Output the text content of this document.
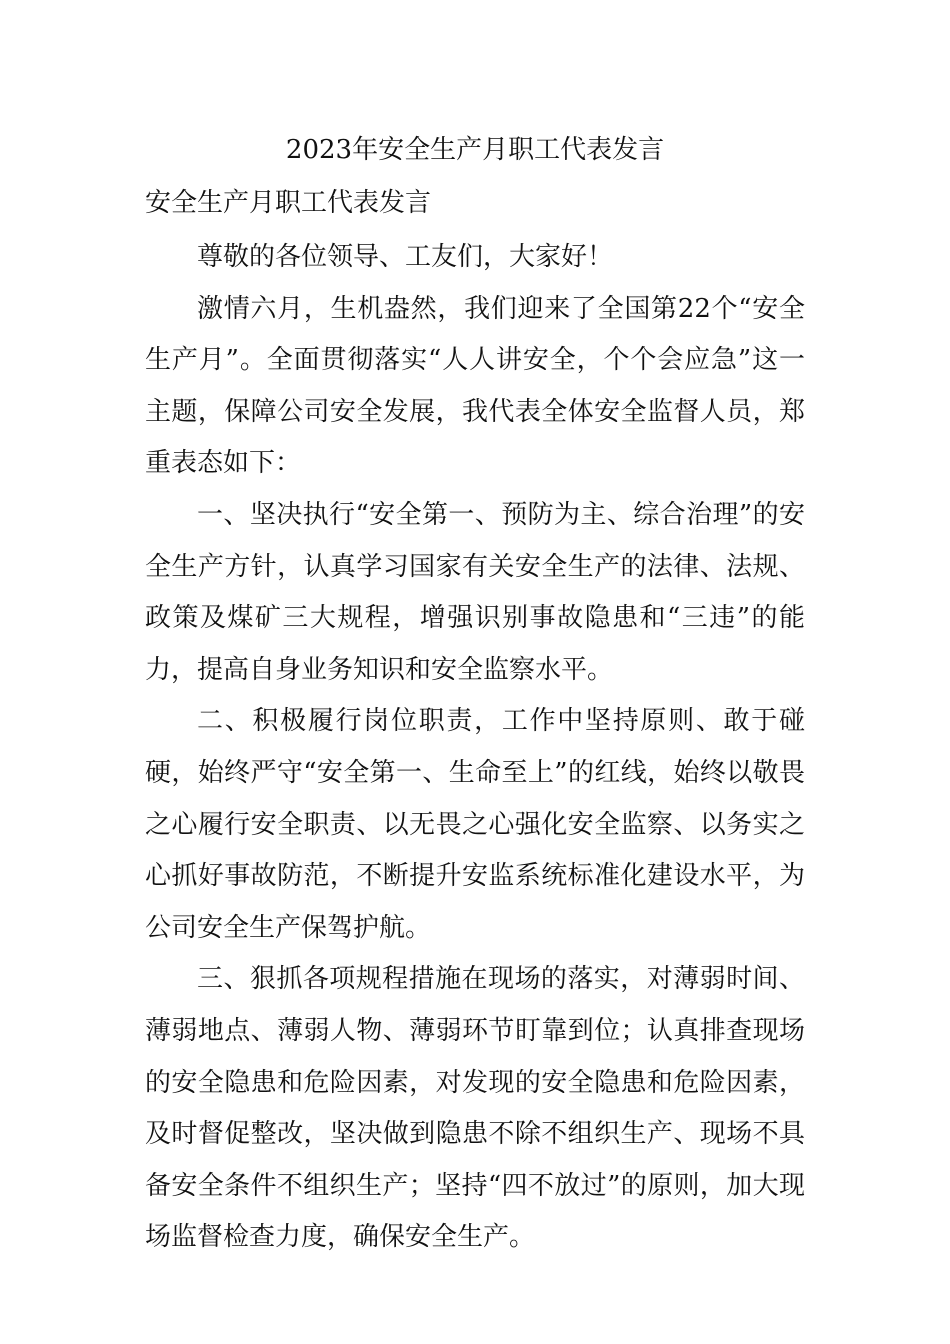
2023年安全生产月职工代表发言
安全生产月职工代表发言

尊敬的各位领导、工友们，大家好！

激情六月，生机盎然，我们迎来了全国第22个“安全生产月”。全面贯彻落实“人人讲安全，个个会应急”这一主题，保障公司安全发展，我代表全体安全监督人员，郑重表态如下：

一、坚决执行“安全第一、预防为主、综合治理”的安全生产方针，认真学习国家有关安全生产的法律、法规、政策及煤矿三大规程，增强识别事故隐患和“三违”的能力，提高自身业务知识和安全监察水平。

二、积极履行岗位职责，工作中坚持原则、敢于碰硬，始终严守“安全第一、生命至上”的红线，始终以敬畏之心履行安全职责、以无畏之心强化安全监察、以务实之心抓好事故防范，不断提升安监系统标准化建设水平，为公司安全生产保驾护航。

三、狠抓各项规程措施在现场的落实，对薄弱时间、薄弱地点、薄弱人物、薄弱环节盯靠到位；认真排查现场的安全隐患和危险因素，对发现的安全隐患和危险因素，及时督促整改，坚决做到隐患不除不组织生产、现场不具备安全条件不组织生产；坚持“四不放过”的原则，加大现场监督检查力度，确保安全生产。
